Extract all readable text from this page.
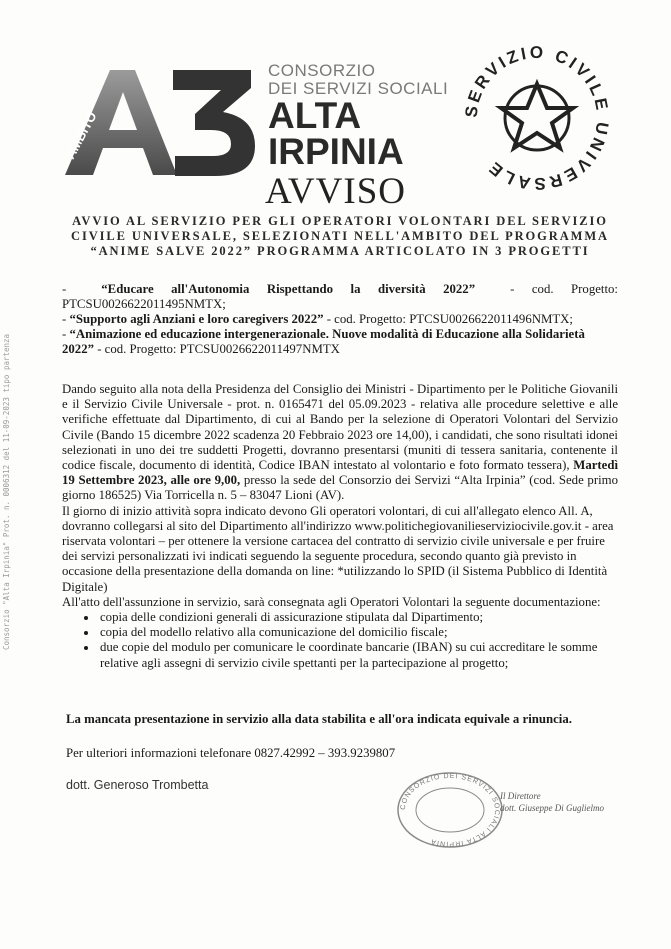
Consorzio "Alta Irpinia" Prot. n. 0006312 del 11-09-2023 tipo partenza
AMBITO
CONSORZIO
DEI SERVIZI SOCIALI
ALTA
IRPINIA
SERVIZIO CIVILE UNIVERSALE
AVVISO
AVVIO AL SERVIZIO PER GLI OPERATORI VOLONTARI DEL SERVIZIO CIVILE UNIVERSALE, SELEZIONATI NELL'AMBITO DEL PROGRAMMA “ANIME SALVE 2022” PROGRAMMA ARTICOLATO IN 3 PROGETTI

-	“Educare all'Autonomia Rispettando la diversità 2022”	- cod. Progetto:

PTCSU0026622011495NMTX;

- “Supporto agli Anziani e loro caregivers 2022” - cod. Progetto: PTCSU0026622011496NMTX;

- “Animazione ed educazione intergenerazionale. Nuove modalità di Educazione alla Solidarietà 2022” - cod. Progetto: PTCSU0026622011497NMTX

Dando seguito alla nota della Presidenza del Consiglio dei Ministri - Dipartimento per le Politiche Giovanili e il Servizio Civile Universale - prot. n. 0165471 del 05.09.2023 - relativa alle procedure selettive e alle verifiche effettuate dal Dipartimento, di cui al Bando per la selezione di Operatori Volontari del Servizio Civile (Bando 15 dicembre 2022 scadenza 20 Febbraio 2023 ore 14,00), i candidati, che sono risultati idonei selezionati in uno dei tre suddetti Progetti, dovranno presentarsi (muniti di tessera sanitaria, contenente il codice fiscale, documento di identità, Codice IBAN intestato al volontario e foto formato tessera), Martedì 19 Settembre 2023, alle ore 9,00, presso la sede del Consorzio dei Servizi “Alta Irpinia” (cod. Sede primo giorno 186525) Via Torricella n. 5 – 83047 Lioni (AV).

Il giorno di inizio attività sopra indicato devono Gli operatori volontari, di cui all'allegato elenco All. A, dovranno collegarsi al sito del Dipartimento all'indirizzo www.politichegiovanilieserviziocivile.gov.it - area riservata volontari – per ottenere la versione cartacea del contratto di servizio civile universale e per fruire dei servizi personalizzati ivi indicati seguendo la seguente procedura, secondo quanto già previsto in occasione della presentazione della domanda on line: *utilizzando lo SPID (il Sistema Pubblico di Identità Digitale)

All'atto dell'assunzione in servizio, sarà consegnata agli Operatori Volontari la seguente documentazione:

• copia delle condizioni generali di assicurazione stipulata dal Dipartimento;
• copia del modello relativo alla comunicazione del domicilio fiscale;
• due copie del modulo per comunicare le coordinate bancarie (IBAN) su cui accreditare le somme relative agli assegni di servizio civile spettanti per la partecipazione al progetto;
La mancata presentazione in servizio alla data stabilita e all'ora indicata equivale a rinuncia.
Per ulteriori informazioni telefonare 0827.42992 – 393.9239807
dott. Generoso Trombetta
CONSORZIO DEI SERVIZI SOCIALI ALTA IRPINIA
Il Direttore
dott. Giuseppe Di Guglielmo
